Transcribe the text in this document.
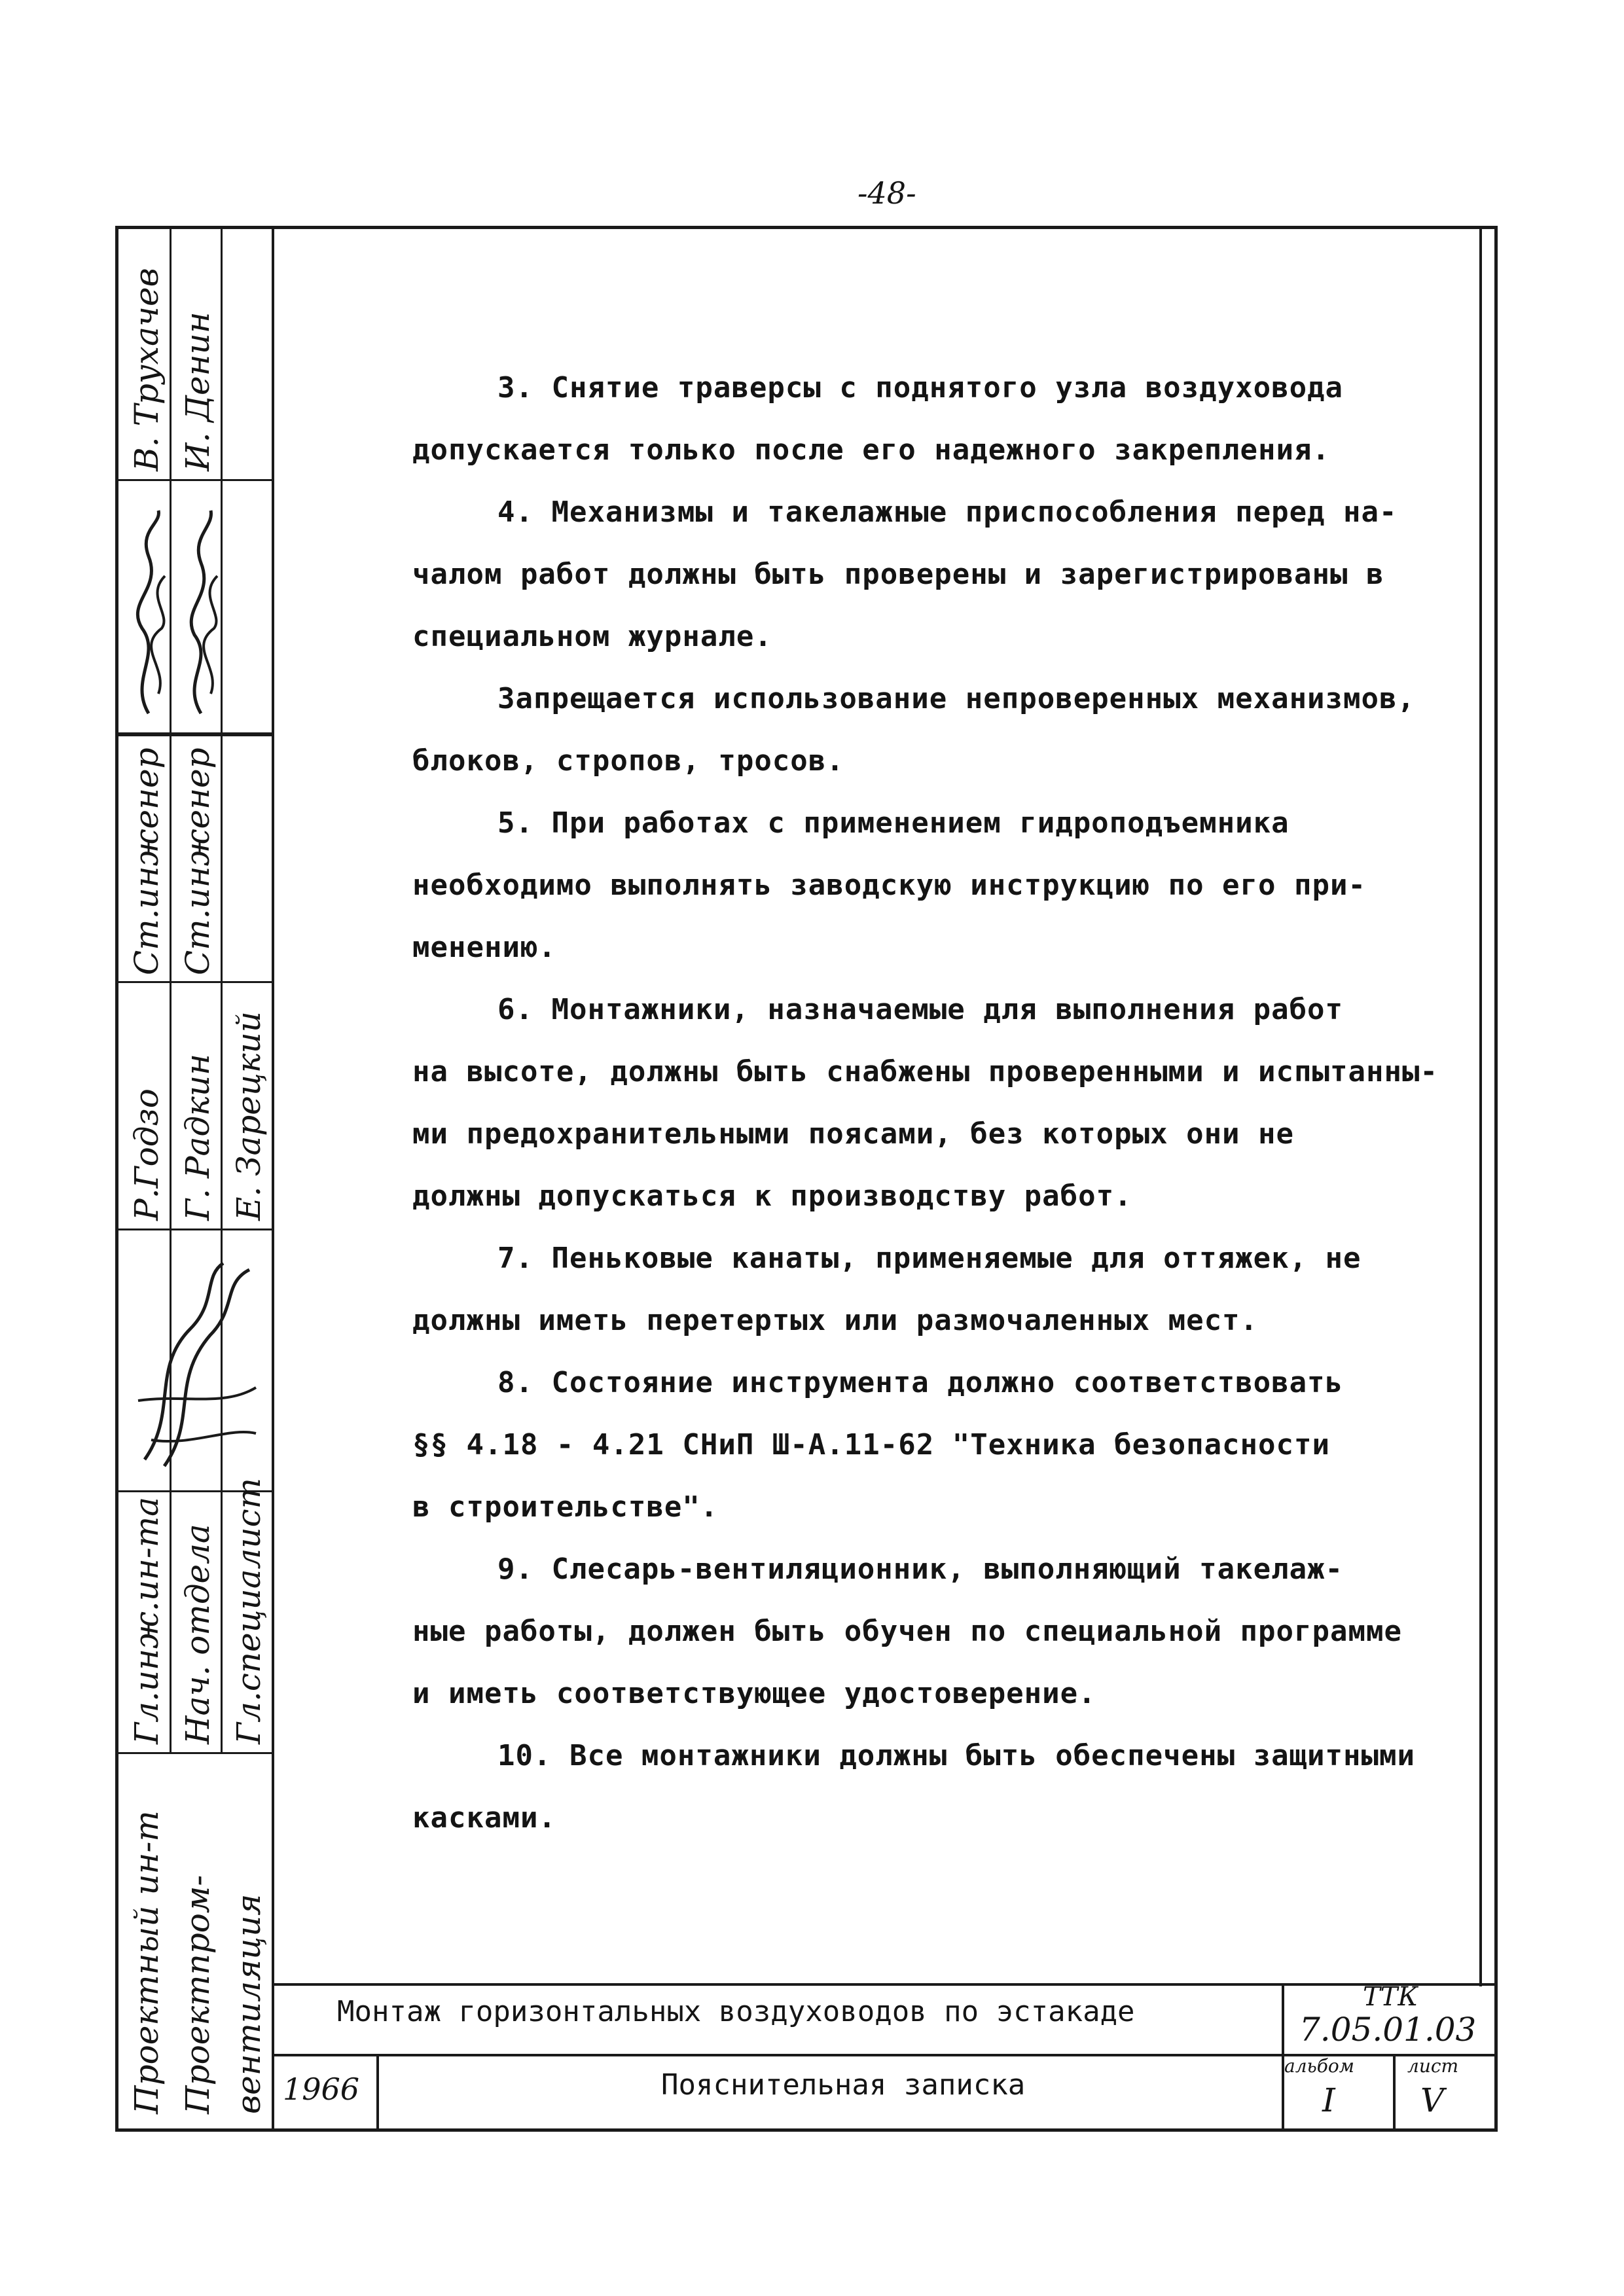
-48-
В. Трухачев И. Денин
Ст.инженер Ст.инженер
Р.Годзо Г. Радкин Е. Зарецкий
Гл.инж.ин-та Нач. отдела Гл.специалист
Проектный ин-т Проектпром- вентиляция

3. Снятие траверсы с поднятого узла воздуховода
допускается только после его надежного закрепления.

4. Механизмы и такелажные приспособления перед на-
чалом работ должны быть проверены и зарегистрированы в
специальном журнале.

Запрещается использование непроверенных механизмов,
блоков, стропов, тросов.

5. При работах с применением гидроподъемника
необходимо выполнять заводскую инструкцию по его при-
менению.

6. Монтажники, назначаемые для выполнения работ
на высоте, должны быть снабжены проверенными и испытанны-
ми предохранительными поясами, без которых они не
должны допускаться к производству работ.

7. Пеньковые канаты, применяемые для оттяжек, не
должны иметь перетертых или размочаленных мест.

8. Состояние инструмента должно соответствовать
§§ 4.18 - 4.21 СНиП Ш-А.11-62 "Техника безопасности
в строительстве".

9. Слесарь-вентиляционник, выполняющий такелаж-
ные работы, должен быть обучен по специальной программе
и иметь соответствующее удостоверение.

10. Все монтажники должны быть обеспечены защитными
касками.

Монтаж горизонтальных воздуховодов по эстакаде
Пояснительная записка
1966
ТТК
7.05.01.03
альбом
I
лист
V
